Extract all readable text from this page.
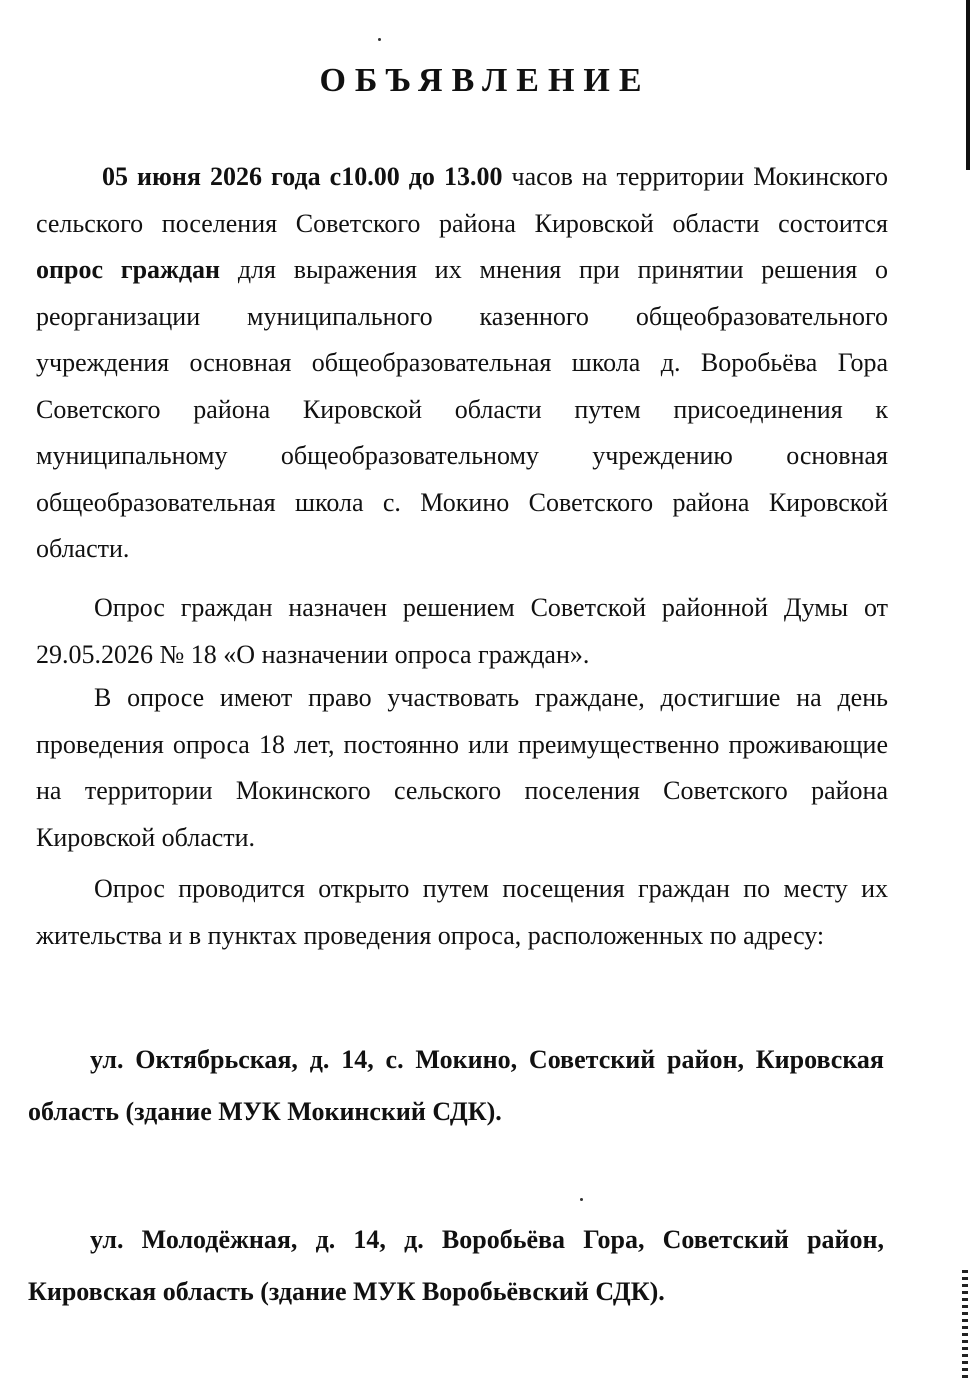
ОБЪЯВЛЕНИЕ
05 июня 2026 года с10.00 до 13.00 часов на территории Мокинского сельского поселения Советского района Кировской области состоится опрос граждан для выражения их мнения при принятии решения о реорганизации муниципального казенного общеобразовательного учреждения основная общеобразовательная школа д. Воробьёва Гора Советского района Кировской области путем присоединения к муниципальному общеобразовательному учреждению основная общеобразовательная школа с. Мокино Советского района Кировской области.
Опрос граждан назначен решением Советской районной Думы от 29.05.2026 № 18 «О назначении опроса граждан».
В опросе имеют право участвовать граждане, достигшие на день проведения опроса 18 лет, постоянно или преимущественно проживающие на территории Мокинского сельского поселения Советского района Кировской области.
Опрос проводится открыто путем посещения граждан по месту их жительства и в пунктах проведения опроса, расположенных по адресу:
ул. Октябрьская, д. 14, с. Мокино, Советский район, Кировская область (здание МУК Мокинский СДК).
ул. Молодёжная, д. 14, д. Воробьёва Гора, Советский район, Кировская область (здание МУК Воробьёвский СДК).
